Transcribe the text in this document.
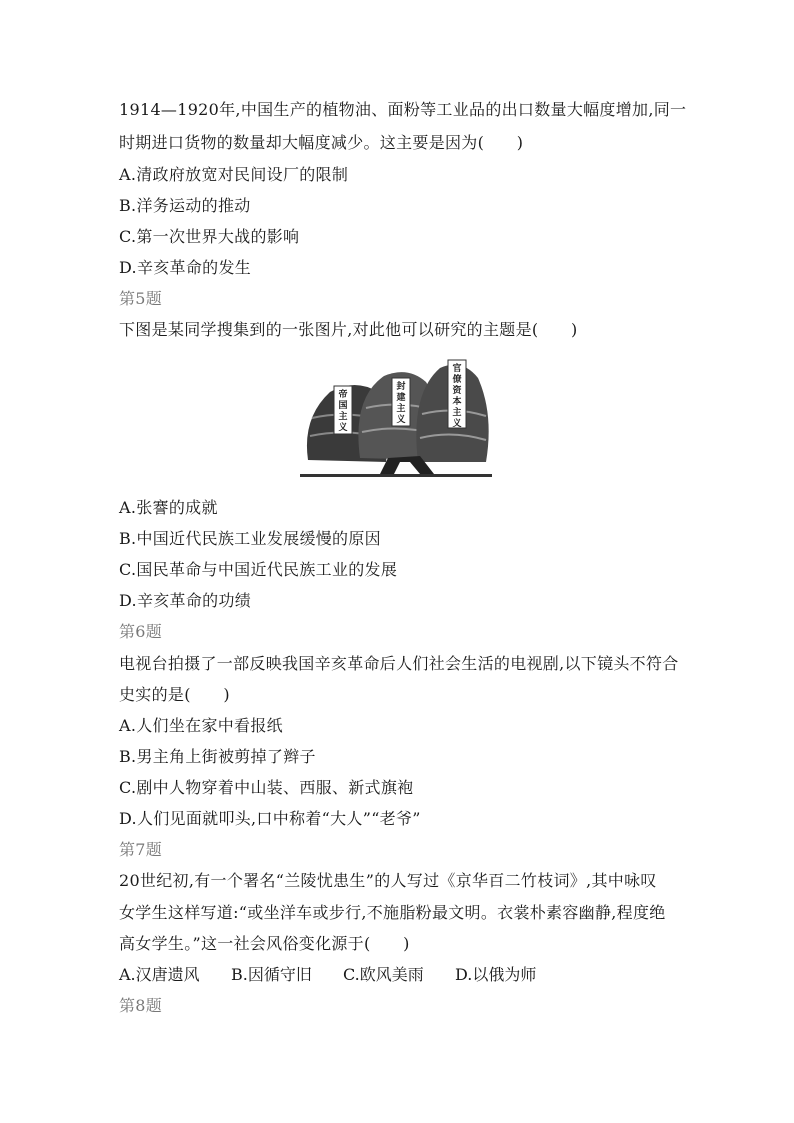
1914—1920年,中国生产的植物油、面粉等工业品的出口数量大幅度增加,同一
时期进口货物的数量却大幅度减少。这主要是因为(　　)
A.清政府放宽对民间设厂的限制
B.洋务运动的推动
C.第一次世界大战的影响
D.辛亥革命的发生
第5题
下图是某同学搜集到的一张图片,对此他可以研究的主题是(　　)
帝
国
主
义
封
建
主
义
官
僚
资
本
主
义
A.张謇的成就
B.中国近代民族工业发展缓慢的原因
C.国民革命与中国近代民族工业的发展
D.辛亥革命的功绩
第6题
电视台拍摄了一部反映我国辛亥革命后人们社会生活的电视剧,以下镜头不符合
史实的是(　　)
A.人们坐在家中看报纸
B.男主角上街被剪掉了辫子
C.剧中人物穿着中山装、西服、新式旗袍
D.人们见面就叩头,口中称着“大人”“老爷”
第7题
20世纪初,有一个署名“兰陵忧患生”的人写过《京华百二竹枝词》,其中咏叹
女学生这样写道:“或坐洋车或步行,不施脂粉最文明。衣裳朴素容幽静,程度绝
高女学生。”这一社会风俗变化源于(　　)
A.汉唐遗风 B.因循守旧 C.欧风美雨 D.以俄为师
第8题
